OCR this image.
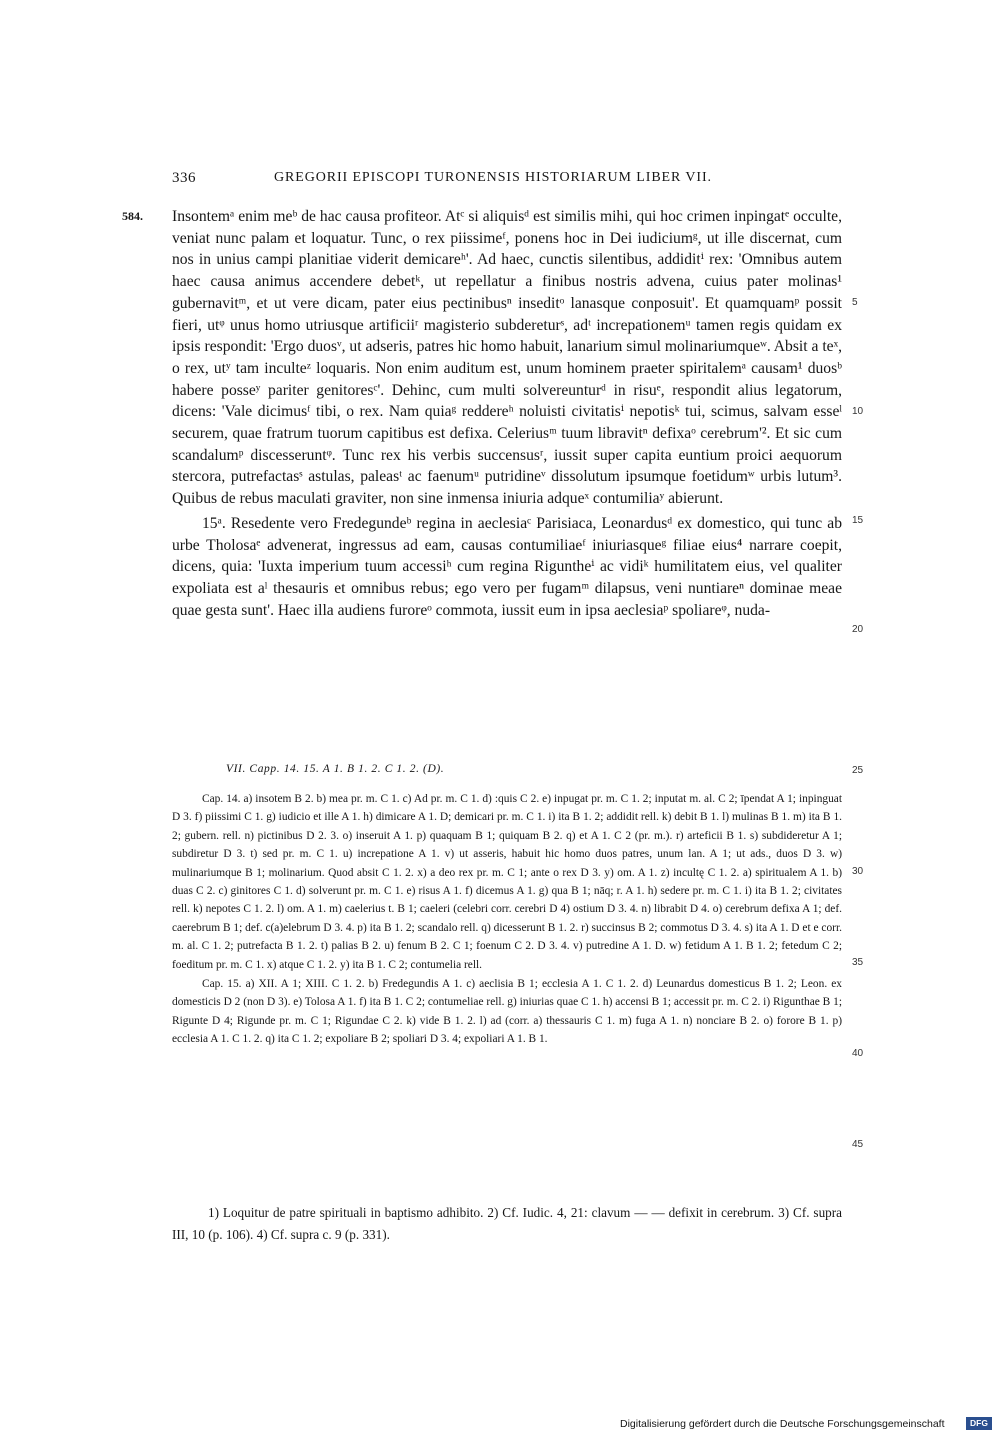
336	GREGORII EPISCOPI TURONENSIS HISTORIARUM LIBER VII.
584. Insontemᵃ enim meᵇ de hac causa profiteor. Atᶜ si aliquisᵈ est similis mihi, qui hoc crimen inpingatᵉ occulte, veniat nunc palam et loquatur. Tunc, o rex piissimeᶠ, ponens hoc in Dei iudiciumᵍ, ut ille discernat, cum nos in unius campi planitiae viderit demicareʰ'. Ad haec, cunctis silentibus, addiditⁱ rex: 'Omnibus autem haec causa animus accendere debetᵏ, ut repellatur a finibus nostris advena, cuius pater molinas¹ gubernavitᵐ, et ut vere dicam, pater eius pectinibusⁿ inseditᵒ lanasque conposuit'. Et quamquamᵖ possit fieri, utᵠ unus homo utriusque artificiiʳ magisterio subdereturˢ, adᵗ increpationemᵘ tamen regis quidam ex ipsis respondit: 'Ergo duosᵛ, ut adseris, patres hic homo habuit, lanarium simul molinariumqueʷ. Absit a teˣ, o rex, utʸ tam inculteᶻ loquaris. Non enim auditum est, unum hominem praeter spiritalemᵃ causam¹ duosᵇ habere posseʸ pariter genitoresᶜ'. Dehinc, cum multi solvereunturᵈ in risuᵉ, respondit alius legatorum, dicens: 'Vale dicimusᶠ tibi, o rex. Nam quiaᵍ reddereʰ noluisti civitatisⁱ nepotisᵏ tui, scimus, salvam esseˡ securem, quae fratrum tuorum capitibus est defixa. Celeriusᵐ tuum libravitⁿ defixaᵒ cerebrum'². Et sic cum scandalumᵖ discesseruntᵠ. Tunc rex his verbis succensusʳ, iussit super capita euntium proici aequorum stercora, putrefactasˢ astulas, paleasᵗ ac faenumᵘ putridineᵛ dissolutum ipsumque foetidumʷ urbis lutum³. Quibus de rebus maculati graviter, non sine inmensa iniuria adqueˣ contumiliaʸ abierunt.

15ᵃ. Resedente vero Fredegundeᵇ regina in aeclesiaᶜ Parisiaca, Leonardusᵈ ex domestico, qui tunc ab urbe Tholosaᵉ advenerat, ingressus ad eam, causas contumiliaeᶠ iniuriasqueᵍ filiae eius⁴ narrare coepit, dicens, quia: 'Iuxta imperium tuum accessiʰ cum regina Riguntheⁱ ac vidiᵏ humilitatem eius, vel qualiter expoliata est aˡ thesauris et omnibus rebus; ego vero per fugamᵐ dilapsus, veni nuntiareⁿ dominae meae quae gesta sunt'. Haec illa audiens furoreᵒ commota, iussit eum in ipsa aeclesiaᵖ spoliareᵠ, nuda-

5
10
15
20
25
30
35
40
45
VII. Capp. 14. 15. A 1. B 1. 2. C 1. 2. (D).

Cap. 14. a) insotem B 2. b) mea pr. m. C 1. c) Ad pr. m. C 1. d) :quis C 2. e) inpugat pr. m. C 1. 2; inputat m. al. C 2; īpendat A 1; inpinguat D 3. f) piissimi C 1. g) iudicio et ille A 1. h) dimicare A 1. D; demicari pr. m. C 1. i) ita B 1. 2; addidit rell. k) debit B 1. l) mulinas B 1. m) ita B 1. 2; gubern. rell. n) pictinibus D 2. 3. o) inseruit A 1. p) quaquam B 1; quiquam B 2. q) et A 1. C 2 (pr. m.). r) arteficii B 1. s) subdideretur A 1; subdiretur D 3. t) sed pr. m. C 1. u) increpatione A 1. v) ut asseris, habuit hic homo duos patres, unum lan. A 1; ut ads., duos D 3. w) mulinariumque B 1; molinarium. Quod absit C 1. 2. x) a deo rex pr. m. C 1; ante o rex D 3. y) om. A 1. z) incultę C 1. 2. a) spiritualem A 1. b) duas C 2. c) ginitores C 1. d) solverunt pr. m. C 1. e) risus A 1. f) dicemus A 1. g) qua B 1; nāq; r. A 1. h) sedere pr. m. C 1. i) ita B 1. 2; civitates rell. k) nepotes C 1. 2. l) om. A 1. m) caelerius t. B 1; caeleri (celebri corr. cerebri D 4) ostium D 3. 4. n) librabit D 4. o) cerebrum defixa A 1; def. caerebrum B 1; def. c(a)elebrum D 3. 4. p) ita B 1. 2; scandalo rell. q) dicesserunt B 1. 2. r) succinsus B 2; commotus D 3. 4. s) ita A 1. D et e corr. m. al. C 1. 2; putrefacta B 1. 2. t) palias B 2. u) fenum B 2. C 1; foenum C 2. D 3. 4. v) putredine A 1. D. w) fetidum A 1. B 1. 2; fetedum C 2; foeditum pr. m. C 1. x) atque C 1. 2. y) ita B 1. C 2; contumelia rell.

Cap. 15. a) XII. A 1; XIII. C 1. 2. b) Fredegundis A 1. c) aeclisia B 1; ecclesia A 1. C 1. 2. d) Leunardus domesticus B 1. 2; Leon. ex domesticis D 2 (non D 3). e) Tolosa A 1. f) ita B 1. C 2; contumeliae rell. g) iniurias quae C 1. h) accensi B 1; accessit pr. m. C 2. i) Rigunthae B 1; Rigunte D 4; Rigunde pr. m. C 1; Rigundae C 2. k) vide B 1. 2. l) ad (corr. a) thessauris C 1. m) fuga A 1. n) nonciare B 2. o) forore B 1. p) ecclesia A 1. C 1. 2. q) ita C 1. 2; expoliare B 2; spoliari D 3. 4; expoliari A 1. B 1.

1) Loquitur de patre spirituali in baptismo adhibito. 2) Cf. Iudic. 4, 21: clavum — — defixit in cerebrum. 3) Cf. supra III, 10 (p. 106). 4) Cf. supra c. 9 (p. 331).

Digitalisierung gefördert durch die Deutsche Forschungsgemeinschaft	DFG
